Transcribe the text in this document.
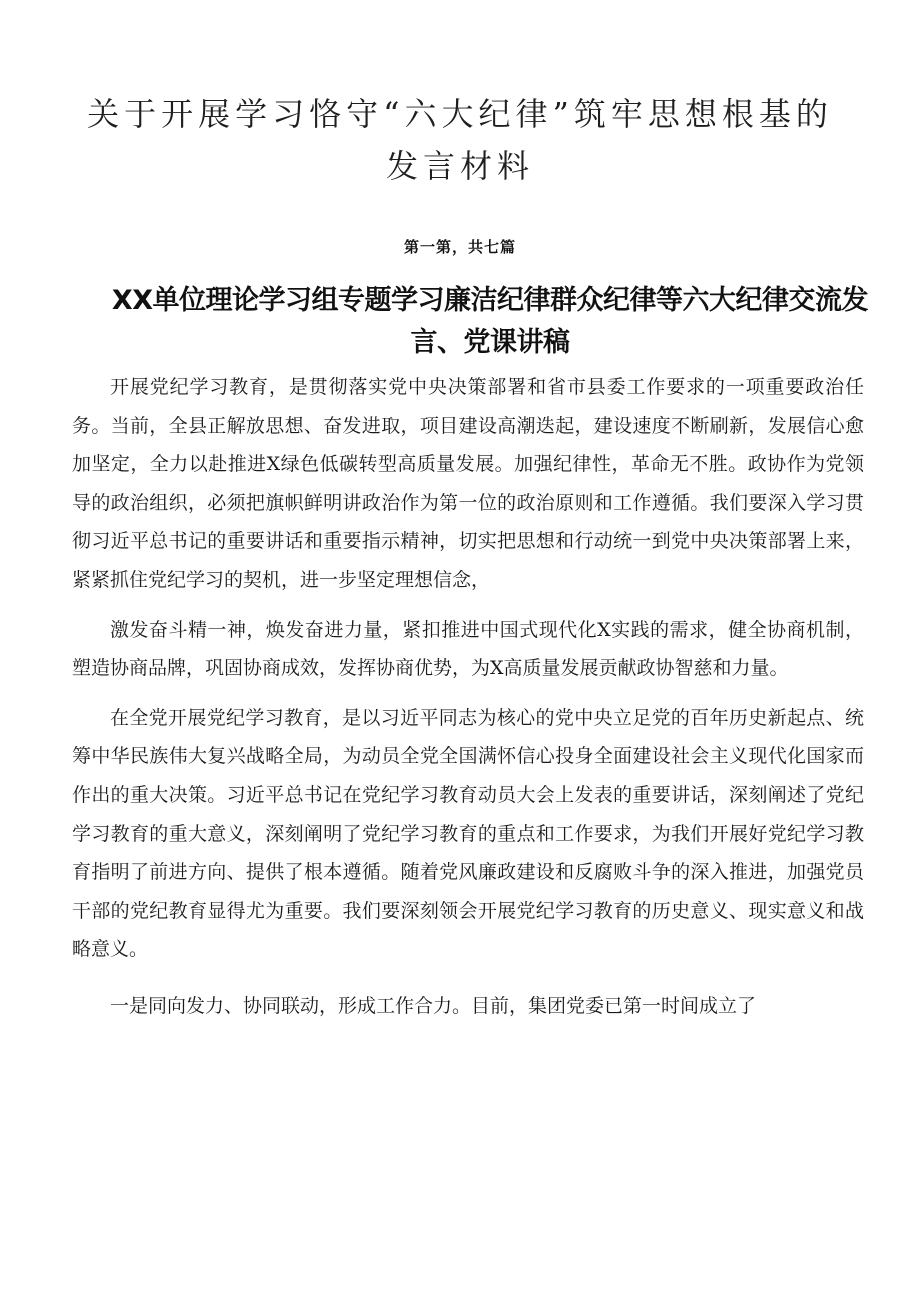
关于开展学习恪守“六大纪律”筑牢思想根基的发言材料
第一第，共七篇
XX单位理论学习组专题学习廉洁纪律群众纪律等六大纪律交流发言、党课讲稿

开展党纪学习教育，是贯彻落实党中央决策部署和省市县委工作要求的一项重要政治任务。当前，全县正解放思想、奋发进取，项目建设高潮迭起，建设速度不断刷新，发展信心愈加坚定，全力以赴推进X绿色低碳转型高质量发展。加强纪律性，革命无不胜。政协作为党领导的政治组织，必须把旗帜鲜明讲政治作为第一位的政治原则和工作遵循。我们要深入学习贯彻习近平总书记的重要讲话和重要指示精神，切实把思想和行动统一到党中央决策部署上来，紧紧抓住党纪学习的契机，进一步坚定理想信念，

激发奋斗精一神，焕发奋进力量，紧扣推进中国式现代化X实践的需求，健全协商机制，塑造协商品牌，巩固协商成效，发挥协商优势，为X高质量发展贡献政协智慈和力量。

在全党开展党纪学习教育，是以习近平同志为核心的党中央立足党的百年历史新起点、统筹中华民族伟大复兴战略全局，为动员全党全国满怀信心投身全面建设社会主义现代化国家而作出的重大决策。习近平总书记在党纪学习教育动员大会上发表的重要讲话，深刻阐述了党纪学习教育的重大意义，深刻阐明了党纪学习教育的重点和工作要求，为我们开展好党纪学习教育指明了前进方向、提供了根本遵循。随着党风廉政建设和反腐败斗争的深入推进，加强党员干部的党纪教育显得尤为重要。我们要深刻领会开展党纪学习教育的历史意义、现实意义和战略意义。

一是同向发力、协同联动，形成工作合力。目前，集团党委已第一时间成立了
